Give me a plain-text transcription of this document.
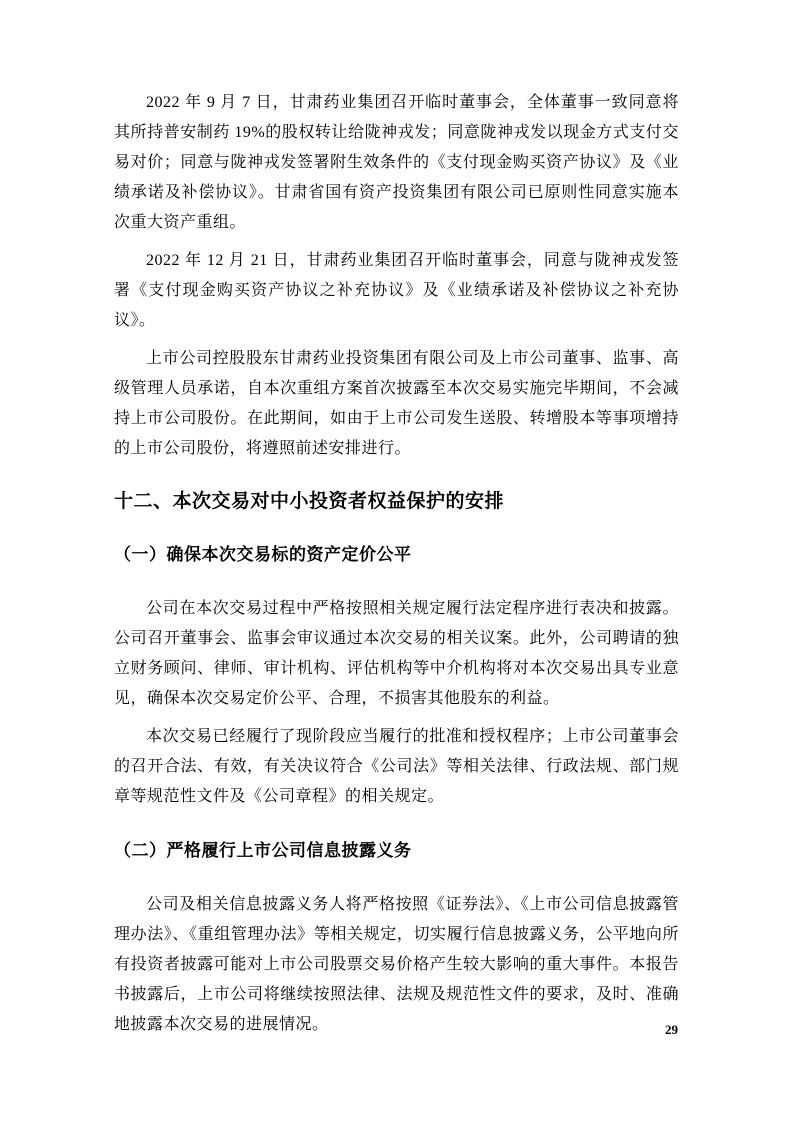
2022 年 9 月 7 日，甘肃药业集团召开临时董事会，全体董事一致同意将其所持普安制药 19%的股权转让给陇神戎发；同意陇神戎发以现金方式支付交易对价；同意与陇神戎发签署附生效条件的《支付现金购买资产协议》及《业绩承诺及补偿协议》。甘肃省国有资产投资集团有限公司已原则性同意实施本次重大资产重组。

2022 年 12 月 21 日，甘肃药业集团召开临时董事会，同意与陇神戎发签署《支付现金购买资产协议之补充协议》及《业绩承诺及补偿协议之补充协议》。

上市公司控股股东甘肃药业投资集团有限公司及上市公司董事、监事、高级管理人员承诺，自本次重组方案首次披露至本次交易实施完毕期间，不会减持上市公司股份。在此期间，如由于上市公司发生送股、转增股本等事项增持的上市公司股份，将遵照前述安排进行。

十二、本次交易对中小投资者权益保护的安排
（一）确保本次交易标的资产定价公平

公司在本次交易过程中严格按照相关规定履行法定程序进行表决和披露。公司召开董事会、监事会审议通过本次交易的相关议案。此外，公司聘请的独立财务顾问、律师、审计机构、评估机构等中介机构将对本次交易出具专业意见，确保本次交易定价公平、合理，不损害其他股东的利益。

本次交易已经履行了现阶段应当履行的批准和授权程序；上市公司董事会的召开合法、有效，有关决议符合《公司法》等相关法律、行政法规、部门规章等规范性文件及《公司章程》的相关规定。

（二）严格履行上市公司信息披露义务

公司及相关信息披露义务人将严格按照《证券法》、《上市公司信息披露管理办法》、《重组管理办法》等相关规定，切实履行信息披露义务，公平地向所有投资者披露可能对上市公司股票交易价格产生较大影响的重大事件。本报告书披露后，上市公司将继续按照法律、法规及规范性文件的要求，及时、准确地披露本次交易的进展情况。	29
